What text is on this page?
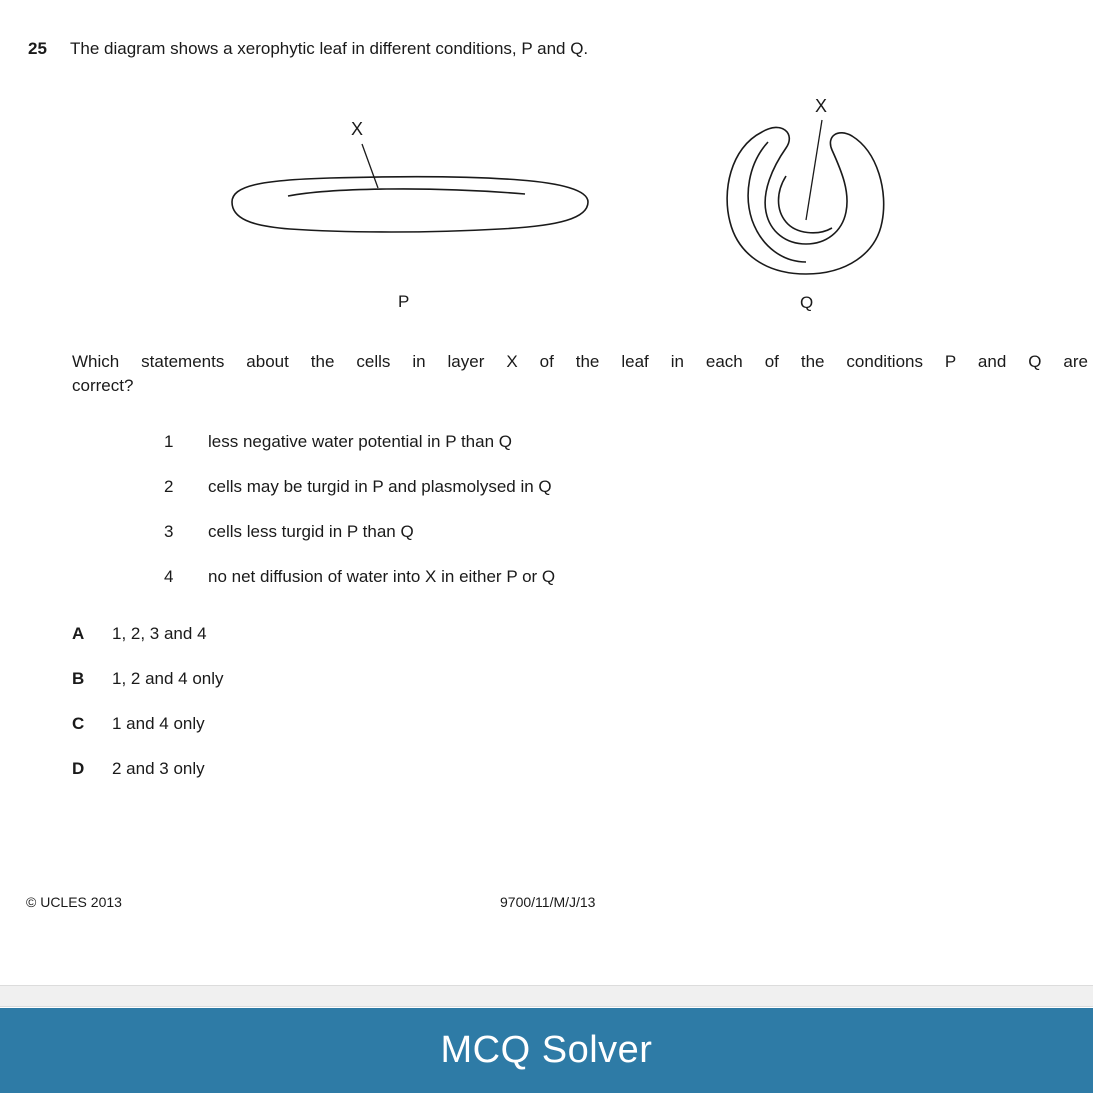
25	The diagram shows a xerophytic leaf in different conditions, P and Q.
X
X
P	Q
Which statements about the cells in layer X of the leaf in each of the conditions P and Q are
correct?
1	less negative water potential in P than Q
2	cells may be turgid in P and plasmolysed in Q
3	cells less turgid in P than Q
4	no net diffusion of water into X in either P or Q
A	1, 2, 3 and 4
B	1, 2 and 4 only
C	1 and 4 only
D	2 and 3 only
© UCLES 2013	9700/11/M/J/13
MCQ Solver
